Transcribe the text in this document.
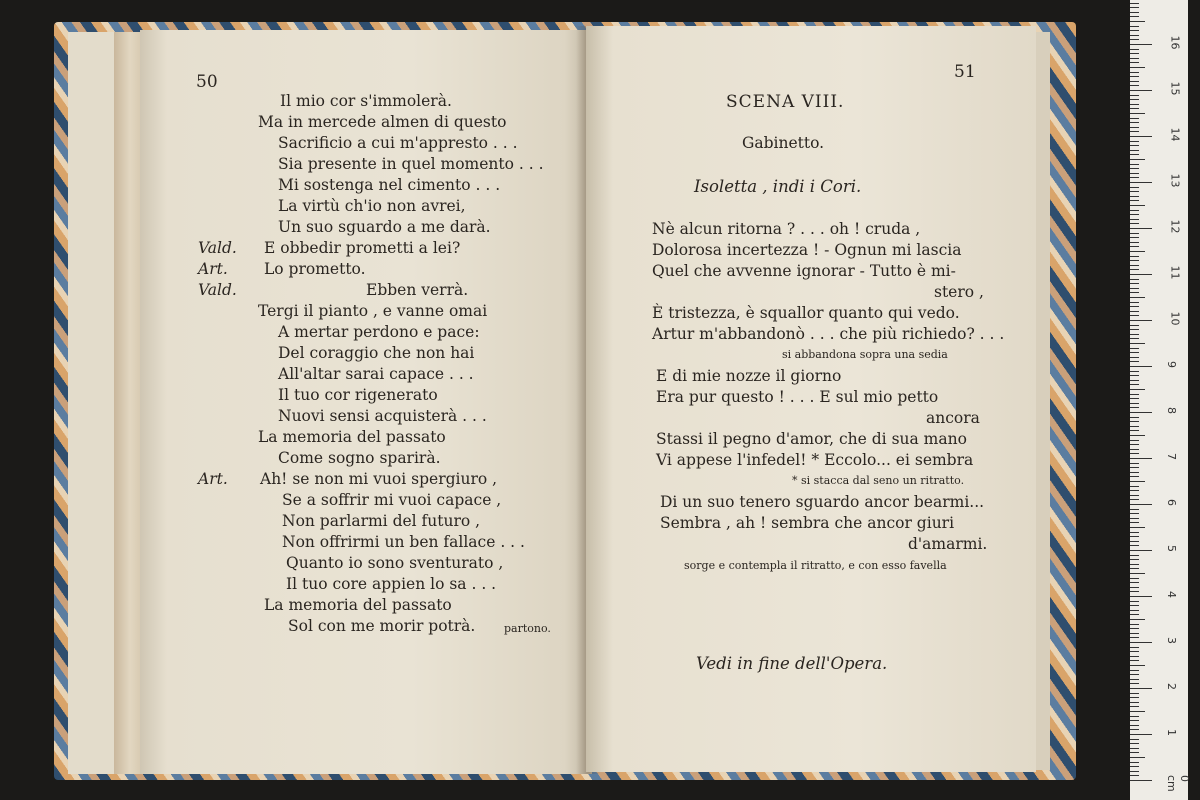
50
Il mio cor s'immolerà.
Ma in mercede almen di questo
Sacrificio a cui m'appresto . . .
Sia presente in quel momento . . .
Mi sostenga nel cimento . . .
La virtù ch'io non avrei,
Un suo sguardo a me darà.
Vald. E obbedir prometti a lei?
Art. Lo prometto.
Vald.	Ebben verrà.
Tergi il pianto , e vanne omai
A mertar perdono e pace:
Del coraggio che non hai
All'altar sarai capace . . .
Il tuo cor rigenerato
Nuovi sensi acquisterà . . .
La memoria del passato
Come sogno sparirà.
Art. Ah! se non mi vuoi spergiuro ,
Se a soffrir mi vuoi capace ,
Non parlarmi del futuro ,
Non offrirmi un ben fallace . . .
Quanto io sono sventurato ,
Il tuo core appien lo sa . . .
La memoria del passato
Sol con me morir potrà.	partono.
51
SCENA VIII.
Gabinetto.
Isoletta , indi i Cori.
Nè alcun ritorna ? . . . oh ! cruda ,
Dolorosa incertezza ! - Ognun mi lascia
Quel che avvenne ignorar - Tutto è mi-
stero ,
È tristezza, è squallor quanto qui vedo.
Artur m'abbandonò . . . che più richiedo? . . .
si abbandona sopra una sedia
E di mie nozze il giorno
Era pur questo ! . . . E sul mio petto
ancora
Stassi il pegno d'amor, che di sua mano
Vi appese l'infedel! * Eccolo... ei sembra
* si stacca dal seno un ritratto.
Di un suo tenero sguardo ancor bearmi...
Sembra , ah ! sembra che ancor giuri
d'amarmi.
sorge e contempla il ritratto, e con esso favella
Vedi in fine dell'Opera.
0 cm
1
2
3
4
5
6
7
8
9
10
11
12
13
14
15
16
